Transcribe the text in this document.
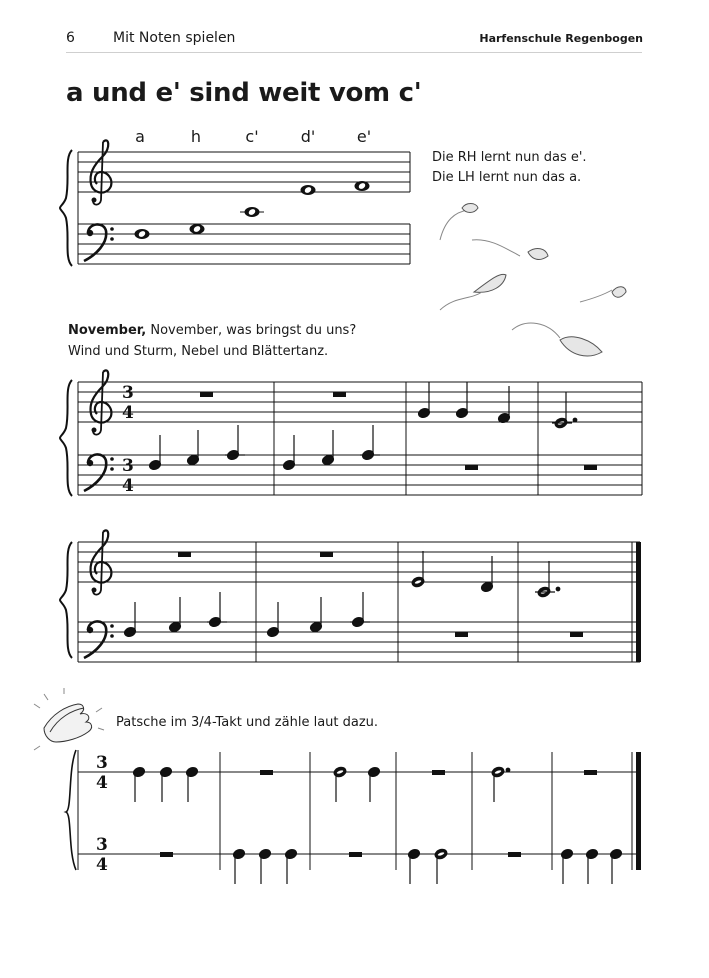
6	Mit Noten spielen	Harfenschule Regenbogen
a und e' sind weit vom c'
a	h	c'	d'	e'
Die RH lernt nun das e'.
Die LH lernt nun das a.
November, November, was bringst du uns?
Wind und Sturm, Nebel und Blättertanz.
Patsche im 3/4-Takt und zähle laut dazu.
3
4
3
4
3
4
3
4
